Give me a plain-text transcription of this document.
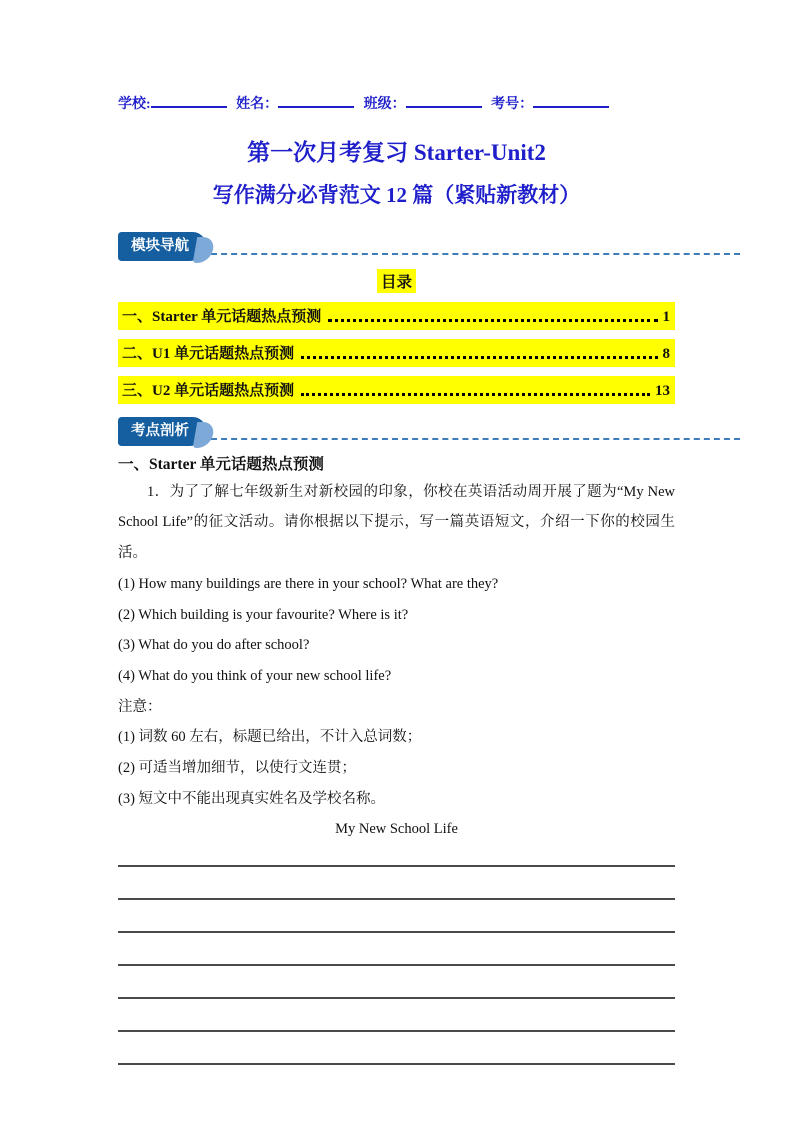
学校:	姓名：	班级：	考号：
第一次月考复习 Starter-Unit2
写作满分必背范文 12 篇（紧贴新教材）
模块导航
目录
一、Starter 单元话题热点预测	1
二、U1 单元话题热点预测	8
三、U2 单元话题热点预测	13
考点剖析
一、Starter 单元话题热点预测

1．为了了解七年级新生对新校园的印象，你校在英语活动周开展了题为“My New School Life”的征文活动。请你根据以下提示，写一篇英语短文，介绍一下你的校园生活。

(1) How many buildings are there in your school? What are they?

(2) Which building is your favourite? Where is it?

(3) What do you do after school?

(4) What do you think of your new school life?

注意：

(1) 词数 60 左右，标题已给出，不计入总词数；

(2) 可适当增加细节，以使行文连贯；

(3) 短文中不能出现真实姓名及学校名称。

My New School Life
